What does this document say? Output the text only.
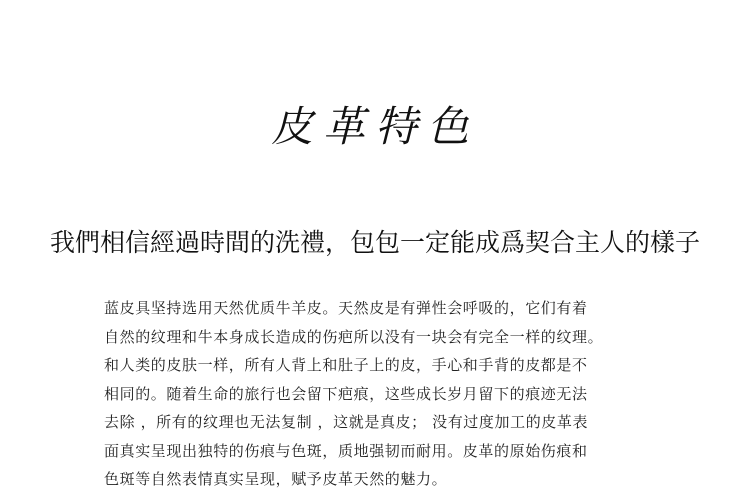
皮革特色
我們相信經過時間的洗禮，包包一定能成爲契合主人的樣子
蓝皮具坚持选用天然优质牛羊皮。天然皮是有弹性会呼吸的，它们有着
自然的纹理和牛本身成长造成的伤疤所以没有一块会有完全一样的纹理。
和人类的皮肤一样，所有人背上和肚子上的皮，手心和手背的皮都是不
相同的。随着生命的旅行也会留下疤痕，这些成长岁月留下的痕迹无法
去除 ，所有的纹理也无法复制 ，这就是真皮； 没有过度加工的皮革表
面真实呈现出独特的伤痕与色斑，质地强韧而耐用。皮革的原始伤痕和
色斑等自然表情真实呈现，赋予皮革天然的魅力。
